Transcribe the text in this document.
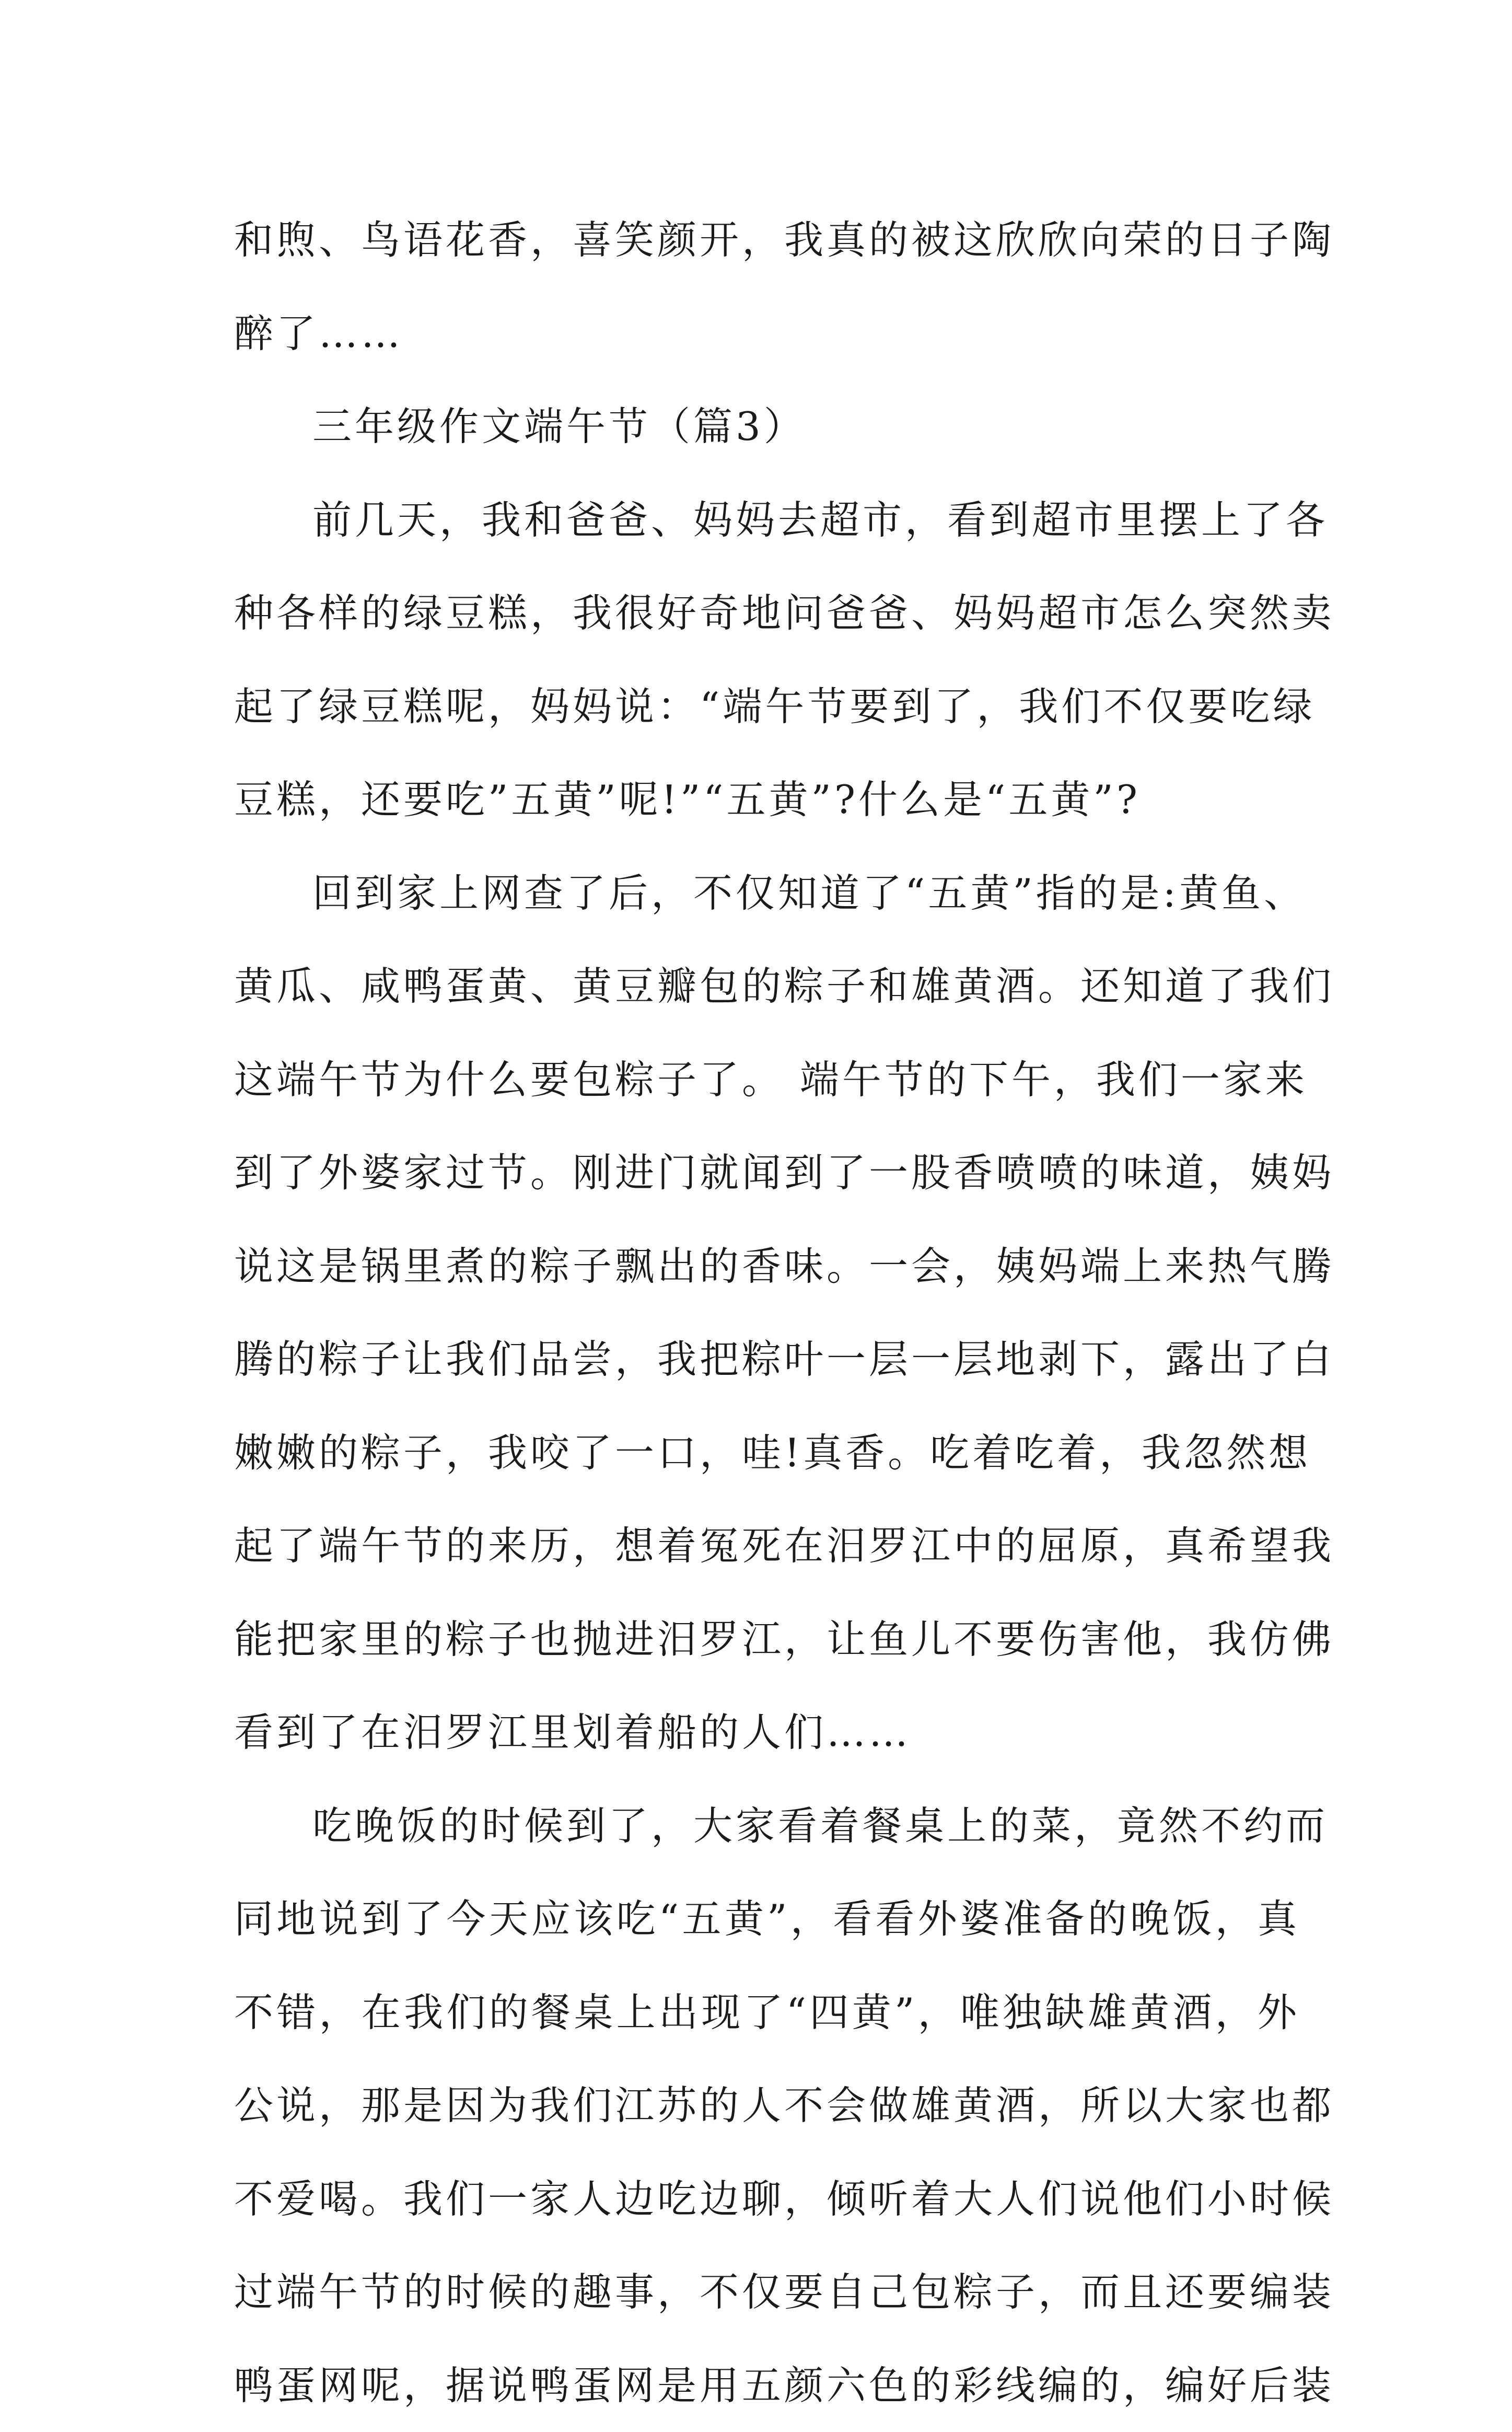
和煦、鸟语花香，喜笑颜开，我真的被这欣欣向荣的日子陶
醉了……
三年级作文端午节（篇3）
前几天，我和爸爸、妈妈去超市，看到超市里摆上了各
种各样的绿豆糕，我很好奇地问爸爸、妈妈超市怎么突然卖
起了绿豆糕呢，妈妈说：“端午节要到了，我们不仅要吃绿
豆糕，还要吃”五黄”呢!”“五黄”?什么是“五黄”?
回到家上网查了后，不仅知道了“五黄”指的是:黄鱼、
黄瓜、咸鸭蛋黄、黄豆瓣包的粽子和雄黄酒。还知道了我们
这端午节为什么要包粽子了。 端午节的下午，我们一家来
到了外婆家过节。刚进门就闻到了一股香喷喷的味道，姨妈
说这是锅里煮的粽子飘出的香味。一会，姨妈端上来热气腾
腾的粽子让我们品尝，我把粽叶一层一层地剥下，露出了白
嫩嫩的粽子，我咬了一口，哇!真香。吃着吃着，我忽然想
起了端午节的来历，想着冤死在汨罗江中的屈原，真希望我
能把家里的粽子也抛进汨罗江，让鱼儿不要伤害他，我仿佛
看到了在汨罗江里划着船的人们……
吃晚饭的时候到了，大家看着餐桌上的菜，竟然不约而
同地说到了今天应该吃“五黄”，看看外婆准备的晚饭，真
不错，在我们的餐桌上出现了“四黄”，唯独缺雄黄酒，外
公说，那是因为我们江苏的人不会做雄黄酒，所以大家也都
不爱喝。我们一家人边吃边聊，倾听着大人们说他们小时候
过端午节的时候的趣事，不仅要自己包粽子，而且还要编装
鸭蛋网呢，据说鸭蛋网是用五颜六色的彩线编的，编好后装
